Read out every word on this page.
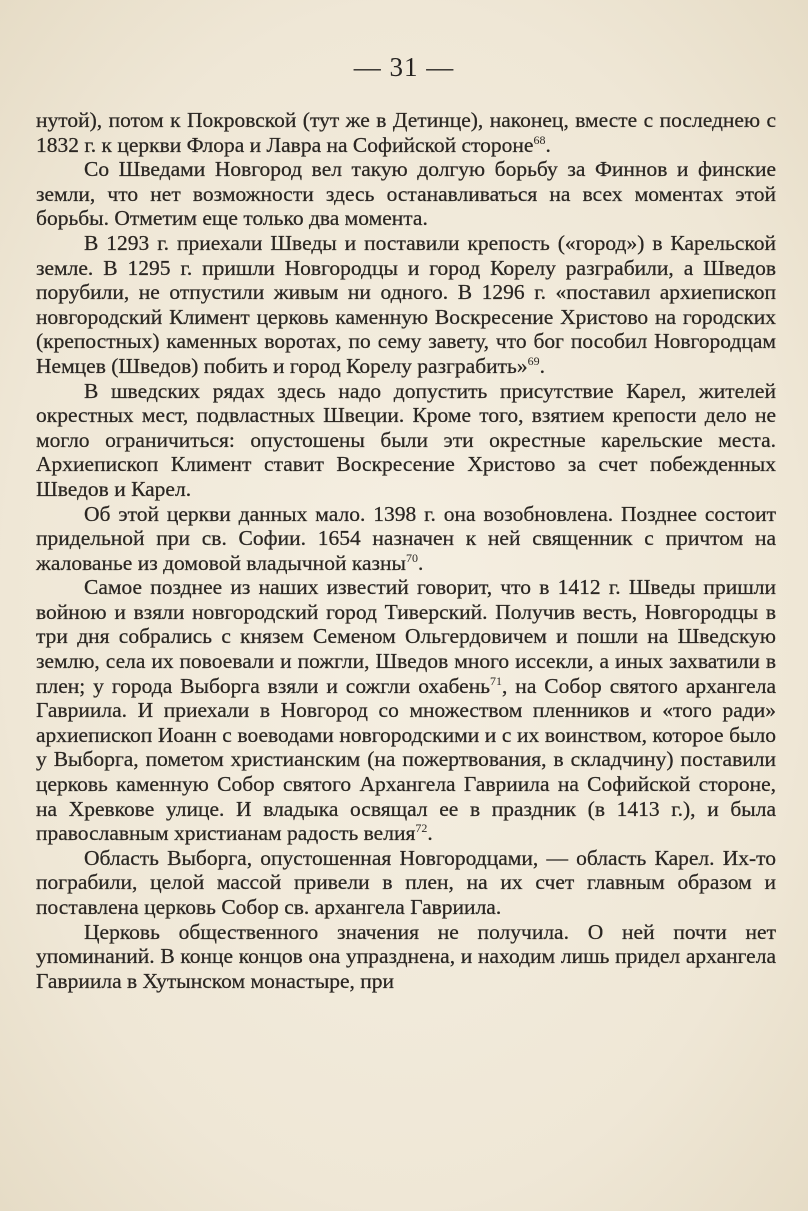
— 31 —

нутой), потом к Покровской (тут же в Детинце), наконец, вместе с последнею с 1832 г. к церкви Флора и Лавра на Софийской стороне$^{68}$.

Со Шведами Новгород вел такую долгую борьбу за Финнов и финские земли, что нет возможности здесь останавливаться на всех моментах этой борьбы. Отметим еще только два момента.

В 1293 г. приехали Шведы и поставили крепость («город») в Карельской земле. В 1295 г. пришли Новгородцы и город Корелу разграбили, а Шведов порубили, не отпустили живым ни одного. В 1296 г. «поставил архиепископ новгородский Климент церковь каменную Воскресение Христово на городских (крепостных) каменных воротах, по сему завету, что бог пособил Новгородцам Немцев (Шведов) побить и город Корелу разграбить»$^{69}$.

В шведских рядах здесь надо допустить присутствие Карел, жителей окрестных мест, подвластных Швеции. Кроме того, взятием крепости дело не могло ограничиться: опустошены были эти окрестные карельские места. Архиепископ Климент ставит Воскресение Христово за счет побежденных Шведов и Карел.

Об этой церкви данных мало. 1398 г. она возобновлена. Позднее состоит придельной при св. Софии. 1654 назначен к ней священник с причтом на жалованье из домовой владычной казны$^{70}$.

Самое позднее из наших известий говорит, что в 1412 г. Шведы пришли войною и взяли новгородский город Тиверский. Получив весть, Новгородцы в три дня собрались с князем Семеном Ольгердовичем и пошли на Шведскую землю, села их повоевали и пожгли, Шведов много иссекли, а иных захватили в плен; у города Выборга взяли и сожгли охабень$^{71}$, на Собор святого архангела Гавриила. И приехали в Новгород со множеством пленников и «того ради» архиепископ Иоанн с воеводами новгородскими и с их воинством, которое было у Выборга, пометом христианским (на пожертвования, в складчину) поставили церковь каменную Собор святого Архангела Гавриила на Софийской стороне, на Хревкове улице. И владыка освящал ее в праздник (в 1413 г.), и была православным христианам радость велия$^{72}$.

Область Выборга, опустошенная Новгородцами, — область Карел. Их-то пограбили, целой массой привели в плен, на их счет главным образом и поставлена церковь Собор св. архангела Гавриила.

Церковь общественного значения не получила. О ней почти нет упоминаний. В конце концов она упразднена, и находим лишь придел архангела Гавриила в Хутынском монастыре, при
